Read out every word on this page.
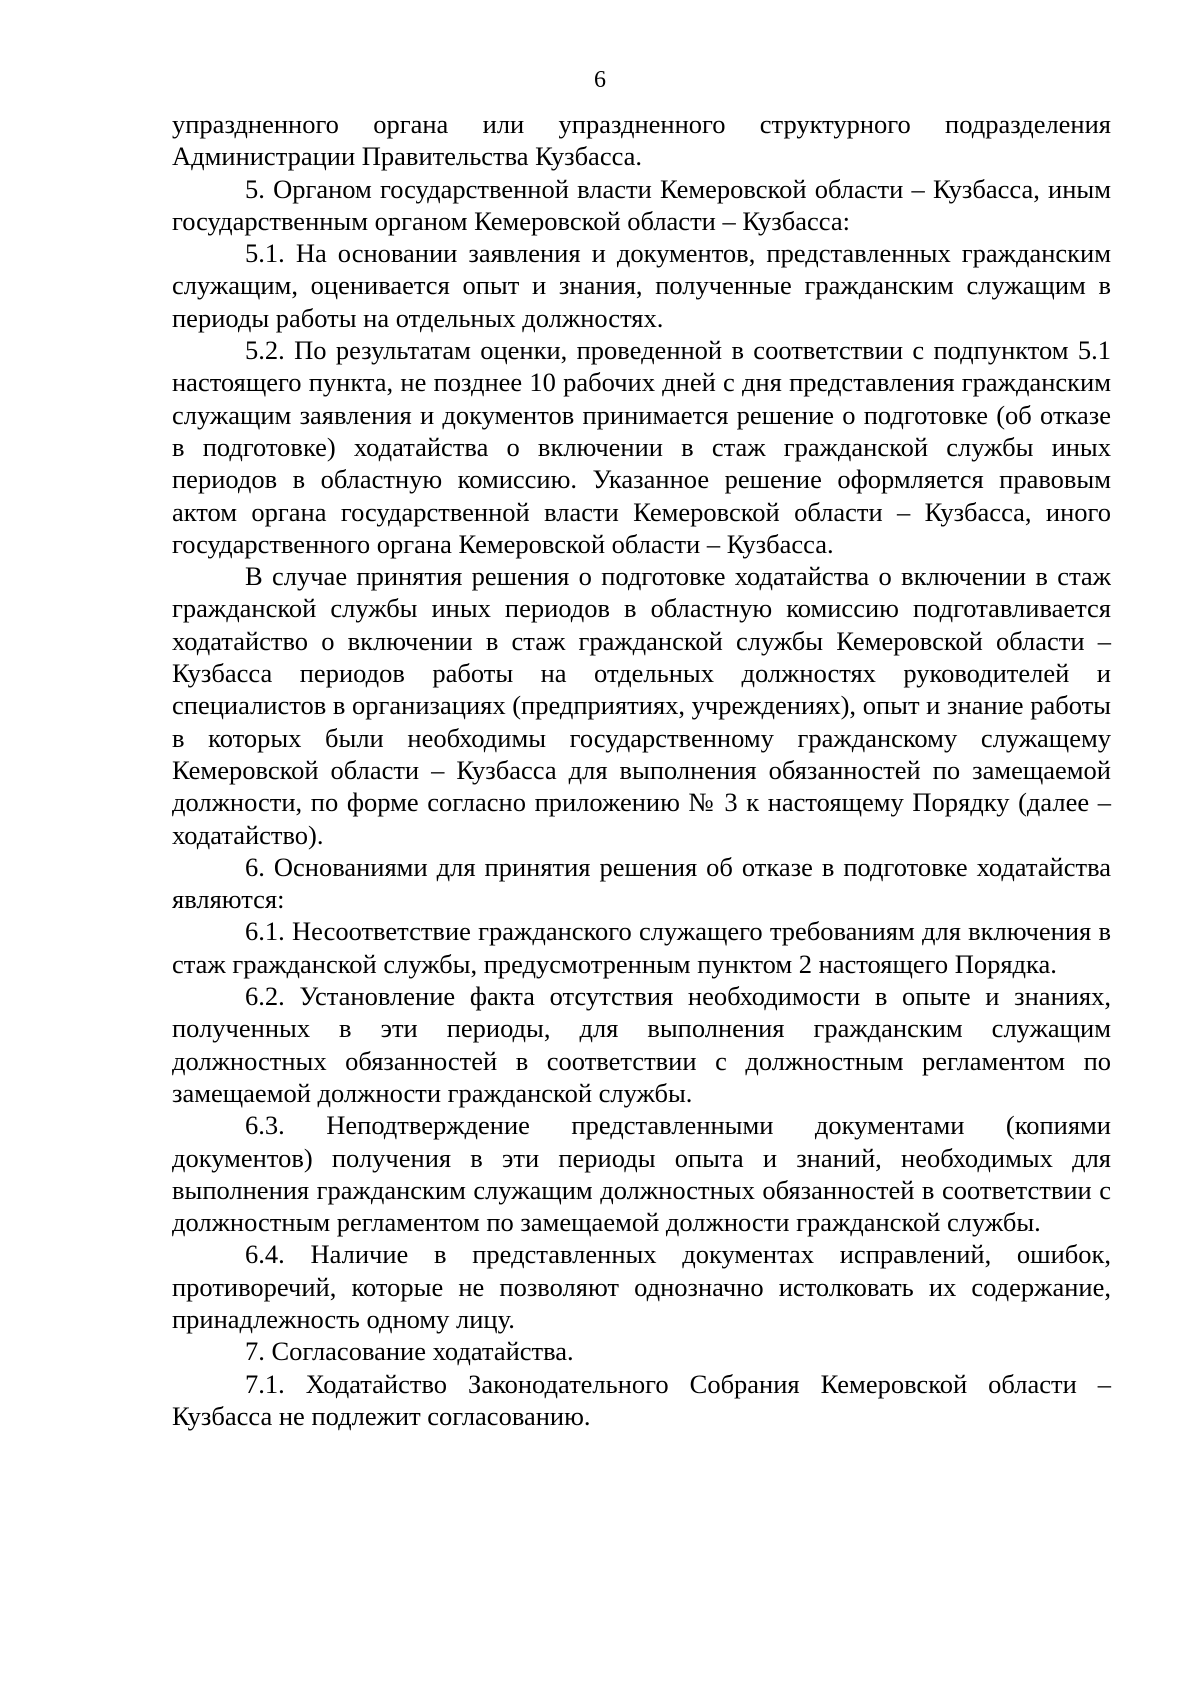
6

упраздненного органа или упраздненного структурного подразделения Администрации Правительства Кузбасса.

5. Органом государственной власти Кемеровской области – Кузбасса, иным государственным органом Кемеровской области – Кузбасса:

5.1. На основании заявления и документов, представленных гражданским служащим, оценивается опыт и знания, полученные гражданским служащим в периоды работы на отдельных должностях.

5.2. По результатам оценки, проведенной в соответствии с подпунктом 5.1 настоящего пункта, не позднее 10 рабочих дней с дня представления гражданским служащим заявления и документов принимается решение о подготовке (об отказе в подготовке) ходатайства о включении в стаж гражданской службы иных периодов в областную комиссию. Указанное решение оформляется правовым актом органа государственной власти Кемеровской области – Кузбасса, иного государственного органа Кемеровской области – Кузбасса.

В случае принятия решения о подготовке ходатайства о включении в стаж гражданской службы иных периодов в областную комиссию подготавливается ходатайство о включении в стаж гражданской службы Кемеровской области – Кузбасса периодов работы на отдельных должностях руководителей и специалистов в организациях (предприятиях, учреждениях), опыт и знание работы в которых были необходимы государственному гражданскому служащему Кемеровской области – Кузбасса для выполнения обязанностей по замещаемой должности, по форме согласно приложению № 3 к настоящему Порядку (далее – ходатайство).

6. Основаниями для принятия решения об отказе в подготовке ходатайства являются:

6.1. Несоответствие гражданского служащего требованиям для включения в стаж гражданской службы, предусмотренным пунктом 2 настоящего Порядка.

6.2. Установление факта отсутствия необходимости в опыте и знаниях, полученных в эти периоды, для выполнения гражданским служащим должностных обязанностей в соответствии с должностным регламентом по замещаемой должности гражданской службы.

6.3. Неподтверждение представленными документами (копиями документов) получения в эти периоды опыта и знаний, необходимых для выполнения гражданским служащим должностных обязанностей в соответствии с должностным регламентом по замещаемой должности гражданской службы.

6.4. Наличие в представленных документах исправлений, ошибок, противоречий, которые не позволяют однозначно истолковать их содержание, принадлежность одному лицу.

7. Согласование ходатайства.

7.1. Ходатайство Законодательного Собрания Кемеровской области – Кузбасса не подлежит согласованию.
